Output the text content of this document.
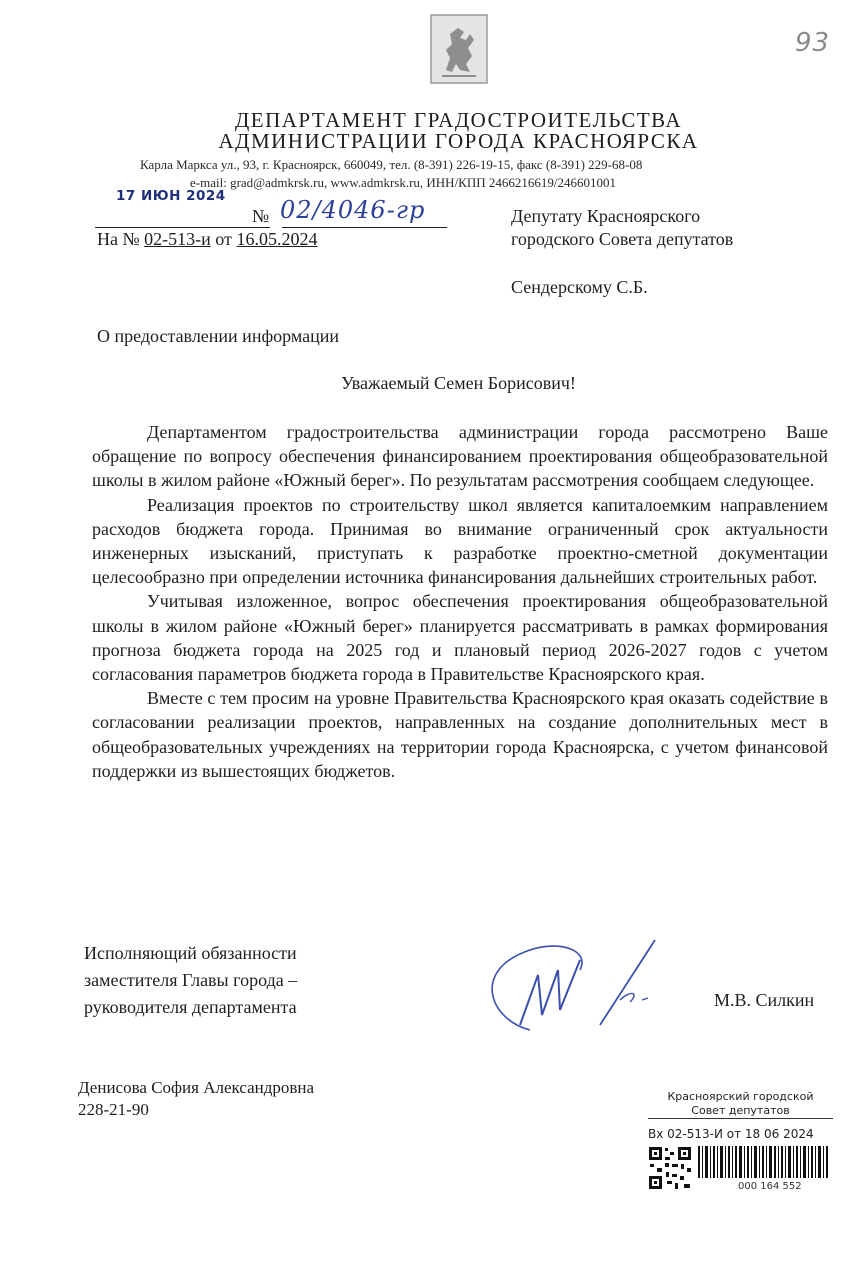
93
ДЕПАРТАМЕНТ ГРАДОСТРОИТЕЛЬСТВА
АДМИНИСТРАЦИИ ГОРОДА КРАСНОЯРСКА
Карла Маркса ул., 93, г. Красноярск, 660049, тел. (8-391) 226-19-15, факс (8-391) 229-68-08
e-mail: grad@admkrsk.ru, www.admkrsk.ru, ИНН/КПП 2466216619/246601001
17 ИЮН 2024
№ 02/4046-гр
На № 02-513-и от 16.05.2024
Депутату Красноярского
городского Совета депутатов
Сендерскому С.Б.
О предоставлении информации
Уважаемый Семен Борисович!

Департаментом градостроительства администрации города рассмотрено Ваше обращение по вопросу обеспечения финансированием проектирования общеобразовательной школы в жилом районе «Южный берег». По результатам рассмотрения сообщаем следующее.

Реализация проектов по строительству школ является капиталоемким направлением расходов бюджета города. Принимая во внимание ограниченный срок актуальности инженерных изысканий, приступать к разработке проектно-сметной документации целесообразно при определении источника финансирования дальнейших строительных работ.

Учитывая изложенное, вопрос обеспечения проектирования общеобразовательной школы в жилом районе «Южный берег» планируется рассматривать в рамках формирования прогноза бюджета города на 2025 год и плановый период 2026-2027 годов с учетом согласования параметров бюджета города в Правительстве Красноярского края.

Вместе с тем просим на уровне Правительства Красноярского края оказать содействие в согласовании реализации проектов, направленных на создание дополнительных мест в общеобразовательных учреждениях на территории города Красноярска, с учетом финансовой поддержки из вышестоящих бюджетов.

Исполняющий обязанности
заместителя Главы города –
руководителя департамента	М.В. Силкин
Денисова София Александровна
228-21-90
Красноярский городской
Совет депутатов
Вх 02-513-И от 18 06 2024
000 164 552
